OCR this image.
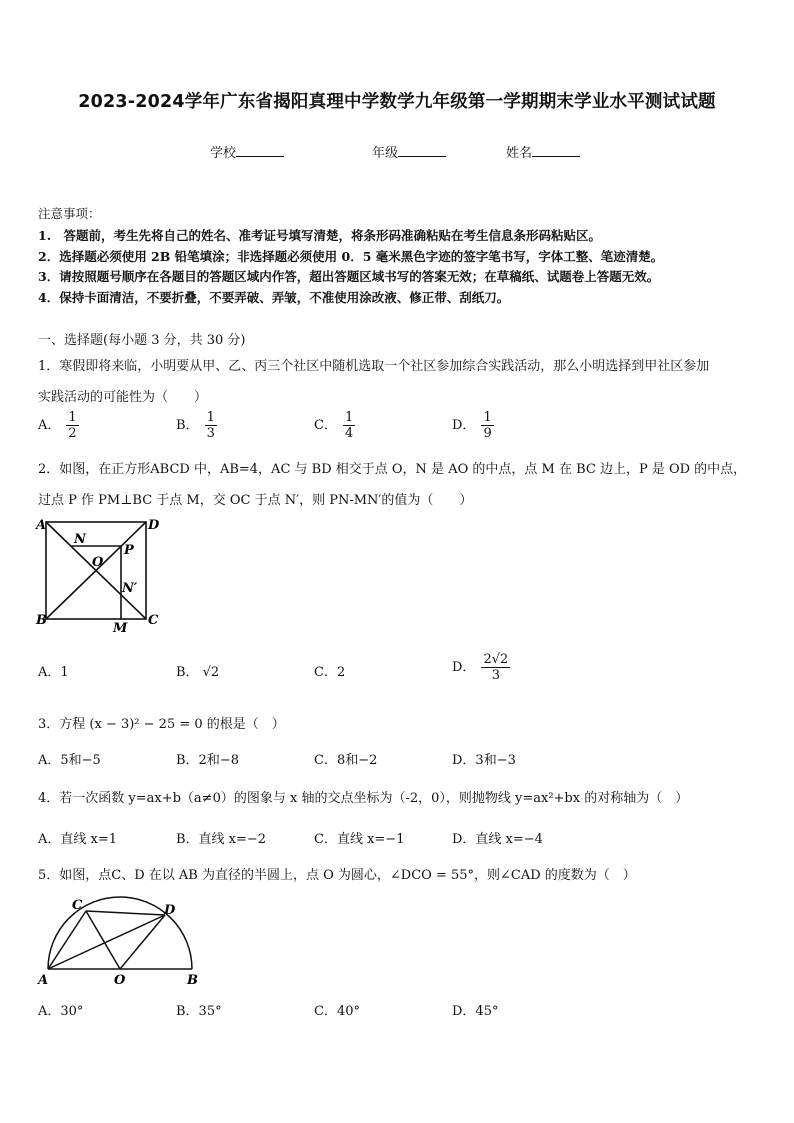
2023-2024学年广东省揭阳真理中学数学九年级第一学期期末学业水平测试试题
学校	年级	姓名
注意事项：
1.　答题前，考生先将自己的姓名、准考证号填写清楚，将条形码准确粘贴在考生信息条形码粘贴区。
2．选择题必须使用 2B 铅笔填涂；非选择题必须使用 0．5 毫米黑色字迹的签字笔书写，字体工整、笔迹清楚。
3．请按照题号顺序在各题目的答题区域内作答，超出答题区域书写的答案无效；在草稿纸、试题卷上答题无效。
4．保持卡面清洁，不要折叠，不要弄破、弄皱，不准使用涂改液、修正带、刮纸刀。
一、选择题(每小题 3 分，共 30 分)
1．寒假即将来临，小明要从甲、乙、丙三个社区中随机选取一个社区参加综合实践活动，那么小明选择到甲社区参加
实践活动的可能性为（　　）
A． $\frac{1}{2}$	B． $\frac{1}{3}$	C． $\frac{1}{4}$	D． $\frac{1}{9}$
2．如图，在正方形ABCD 中，AB=4，AC 与 BD 相交于点 O，N 是 AO 的中点，点 M 在 BC 边上，P 是 OD 的中点，
过点 P 作 PM⊥BC 于点 M，交 OC 于点 N′，则 PN-MN′的值为（　　）
A	D
B	C
N
O
P
N′
M
A．1	B． √2	C．2	D． $\frac{2√2}{3}$
3．方程 (x − 3)² − 25 = 0 的根是（　）
A．5和−5	B．2和−8	C．8和−2	D．3和−3
4．若一次函数 y=ax+b（a≠0）的图象与 x 轴的交点坐标为（-2，0），则抛物线 y=ax²+bx 的对称轴为（　）
A．直线 x=1	B．直线 x=−2	C．直线 x=−1	D．直线 x=−4
5．如图，点C、D 在以 AB 为直径的半圆上，点 O 为圆心，∠DCO = 55°，则∠CAD 的度数为（　）
C	D
A	O	B
A．30°	B．35°	C．40°	D．45°
